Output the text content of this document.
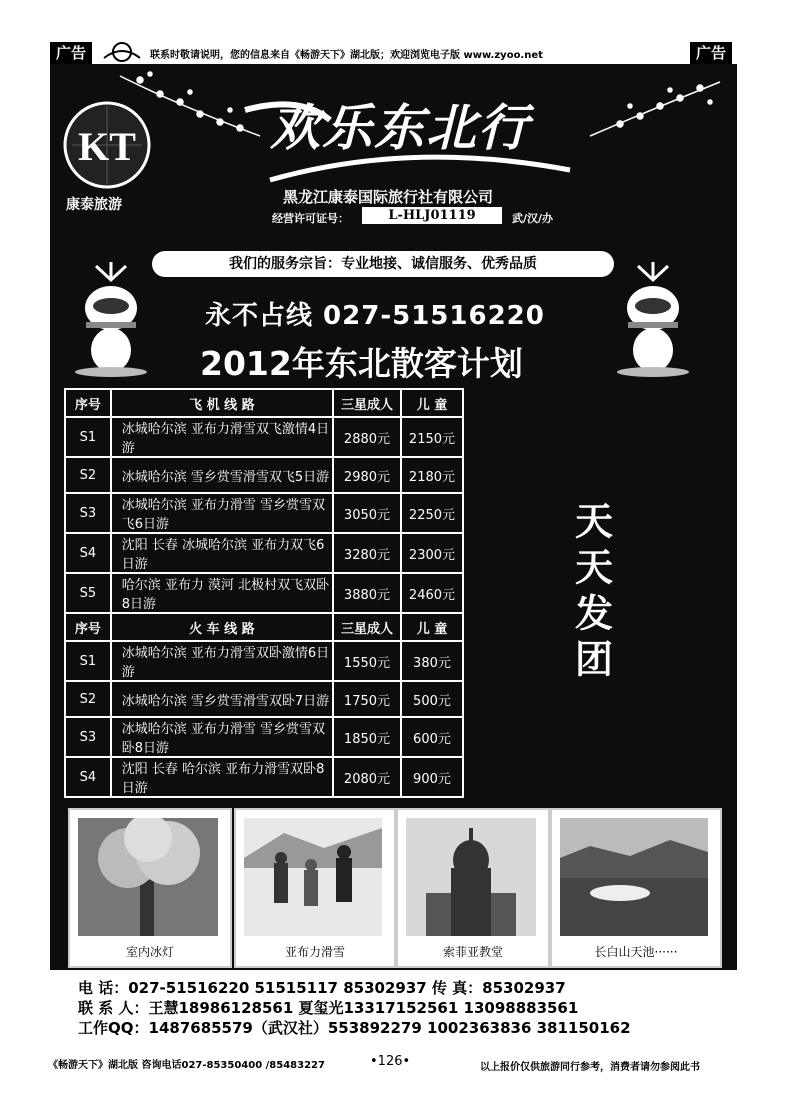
广告	联系时敬请说明，您的信息来自《畅游天下》湖北版；欢迎浏览电子版 www.zyoo.net	广告
KT
康泰旅游
欢乐东北行
黑龙江康泰国际旅行社有限公司
经营许可证号：	L-HLJ01119	武/汉/办
我们的服务宗旨：专业地接、诚信服务、优秀品质
永不占线 027-51516220
2012年东北散客计划
序号	飞 机 线 路	三星成人	儿 童	天天发团

S1	冰城哈尔滨 亚布力滑雪双飞激情4日游	2880元	2150元	
S2	冰城哈尔滨 雪乡赏雪滑雪双飞5日游	2980元	2180元	
S3	冰城哈尔滨 亚布力滑雪 雪乡赏雪双飞6日游	3050元	2250元	
S4	沈阳 长春 冰城哈尔滨 亚布力双飞6日游	3280元	2300元	
S5	哈尔滨 亚布力 漠河 北极村双飞双卧8日游	3880元	2460元	
序号	火 车 线 路	三星成人	儿 童	
S1	冰城哈尔滨 亚布力滑雪双卧激情6日游	1550元	380元	
S2	冰城哈尔滨 雪乡赏雪滑雪双卧7日游	1750元	500元	
S3	冰城哈尔滨 亚布力滑雪 雪乡赏雪双卧8日游	1850元	600元	
S4	沈阳 长春 哈尔滨 亚布力滑雪双卧8日游	2080元	900元	
室内冰灯	亚布力滑雪	索菲亚教堂	长白山天池······
电 话：027-51516220 51515117 85302937 传 真：85302937
联 系 人：王慧18986128561 夏玺光13317152561 13098883561
工作QQ：1487685579（武汉社）553892279 1002363836 381150162
《畅游天下》湖北版 咨询电话027-85350400 /85483227	•126•	以上报价仅供旅游同行参考，消费者请勿参阅此书
